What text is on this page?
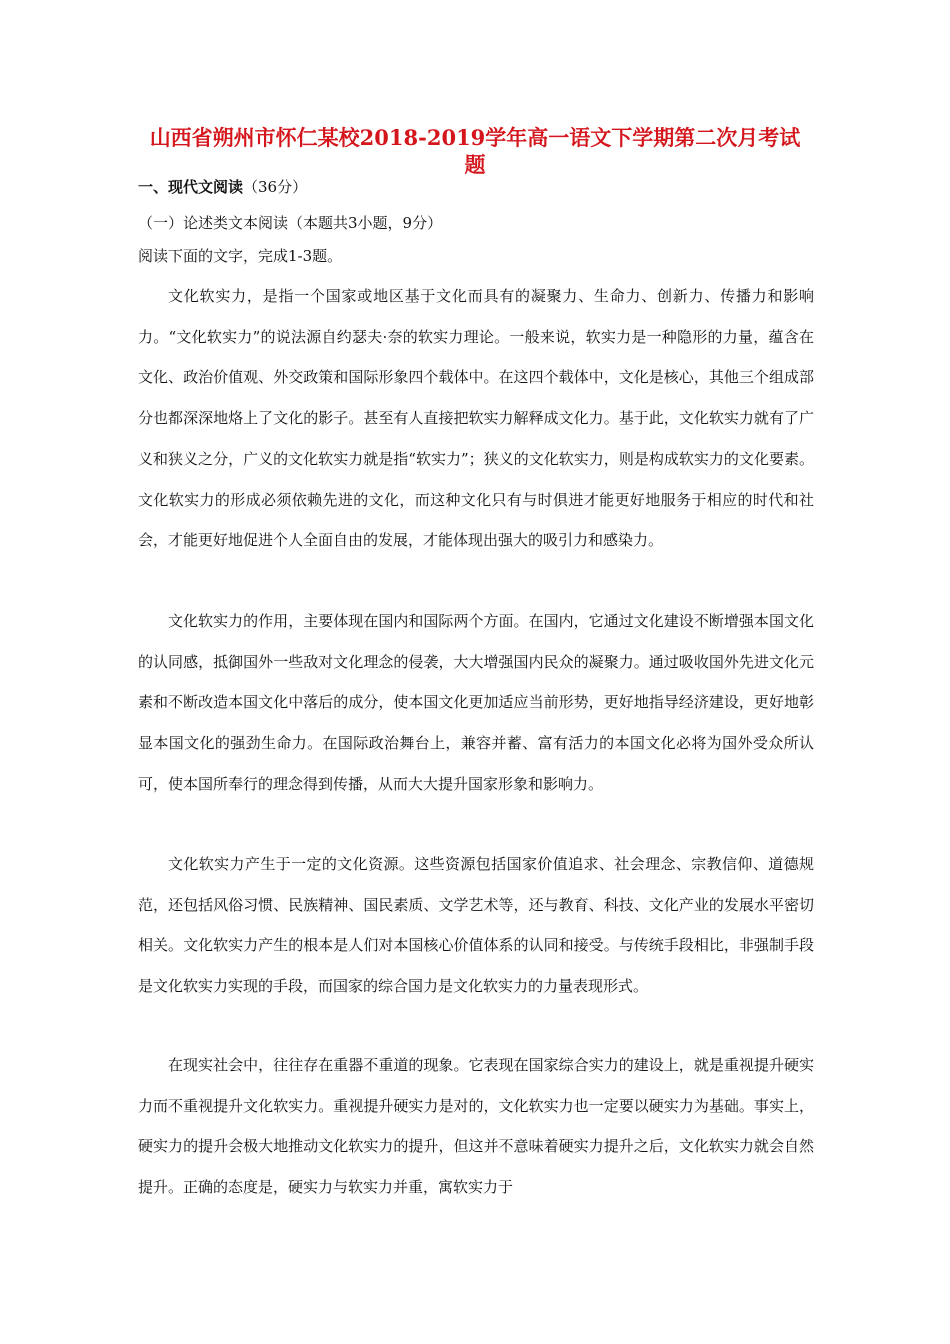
山西省朔州市怀仁某校2018-2019学年高一语文下学期第二次月考试
题
一、现代文阅读（36分）
（一）论述类文本阅读（本题共3小题，9分）
阅读下面的文字，完成1-3题。

文化软实力，是指一个国家或地区基于文化而具有的凝聚力、生命力、创新力、传播力和影响力。“文化软实力”的说法源自约瑟夫·奈的软实力理论。一般来说，软实力是一种隐形的力量，蕴含在文化、政治价值观、外交政策和国际形象四个载体中。在这四个载体中，文化是核心，其他三个组成部分也都深深地烙上了文化的影子。甚至有人直接把软实力解释成文化力。基于此，文化软实力就有了广义和狭义之分，广义的文化软实力就是指“软实力”；狭义的文化软实力，则是构成软实力的文化要素。文化软实力的形成必须依赖先进的文化，而这种文化只有与时俱进才能更好地服务于相应的时代和社会，才能更好地促进个人全面自由的发展，才能体现出强大的吸引力和感染力。

文化软实力的作用，主要体现在国内和国际两个方面。在国内，它通过文化建设不断增强本国文化的认同感，抵御国外一些敌对文化理念的侵袭，大大增强国内民众的凝聚力。通过吸收国外先进文化元素和不断改造本国文化中落后的成分，使本国文化更加适应当前形势，更好地指导经济建设，更好地彰显本国文化的强劲生命力。在国际政治舞台上，兼容并蓄、富有活力的本国文化必将为国外受众所认可，使本国所奉行的理念得到传播，从而大大提升国家形象和影响力。

文化软实力产生于一定的文化资源。这些资源包括国家价值追求、社会理念、宗教信仰、道德规范，还包括风俗习惯、民族精神、国民素质、文学艺术等，还与教育、科技、文化产业的发展水平密切相关。文化软实力产生的根本是人们对本国核心价值体系的认同和接受。与传统手段相比，非强制手段是文化软实力实现的手段，而国家的综合国力是文化软实力的力量表现形式。

在现实社会中，往往存在重器不重道的现象。它表现在国家综合实力的建设上，就是重视提升硬实力而不重视提升文化软实力。重视提升硬实力是对的，文化软实力也一定要以硬实力为基础。事实上，硬实力的提升会极大地推动文化软实力的提升，但这并不意味着硬实力提升之后，文化软实力就会自然提升。正确的态度是，硬实力与软实力并重，寓软实力于
